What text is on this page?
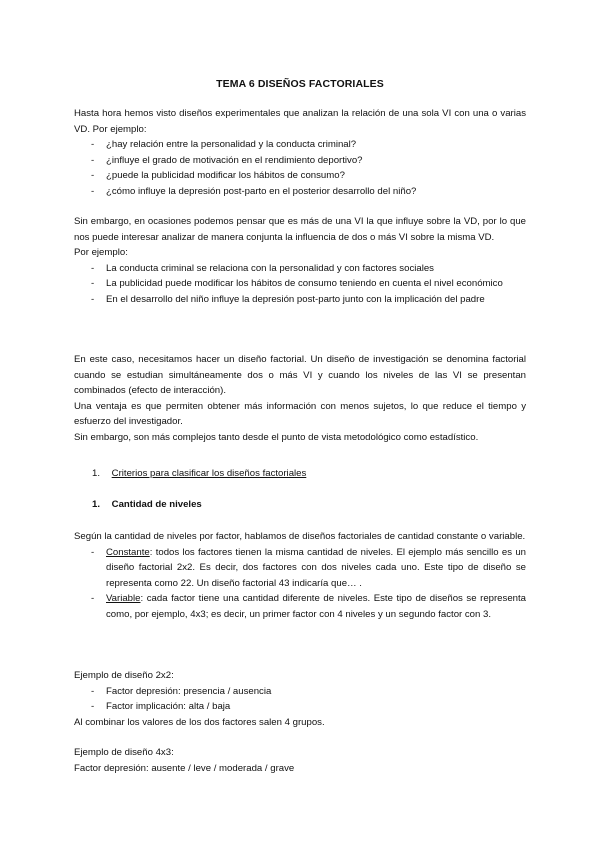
TEMA 6 DISEÑOS FACTORIALES

Hasta hora hemos visto diseños experimentales que analizan la relación de una sola VI con una o varias VD. Por ejemplo:

- ¿hay relación entre la personalidad y la conducta criminal?
- ¿influye el grado de motivación en el rendimiento deportivo?
- ¿puede la publicidad modificar los hábitos de consumo?
- ¿cómo influye la depresión post-parto en el posterior desarrollo del niño?

Sin embargo, en ocasiones podemos pensar que es más de una VI la que influye sobre la VD, por lo que nos puede interesar analizar de manera conjunta la influencia de dos o más VI sobre la misma VD.

Por ejemplo:

- La conducta criminal se relaciona con la personalidad y con factores sociales
- La publicidad puede modificar los hábitos de consumo teniendo en cuenta el nivel económico
- En el desarrollo del niño influye la depresión post-parto junto con la implicación del padre

En este caso, necesitamos hacer un diseño factorial. Un diseño de investigación se denomina factorial cuando se estudian simultáneamente dos o más VI y cuando los niveles de las VI se presentan combinados (efecto de interacción).

Una ventaja es que permiten obtener más información con menos sujetos, lo que reduce el tiempo y esfuerzo del investigador.

Sin embargo, son más complejos tanto desde el punto de vista metodológico como estadístico.

1. Criterios para clasificar los diseños factoriales
1. Cantidad de niveles

Según la cantidad de niveles por factor, hablamos de diseños factoriales de cantidad constante o variable.

- Constante: todos los factores tienen la misma cantidad de niveles. El ejemplo más sencillo es un diseño factorial 2x2. Es decir, dos factores con dos niveles cada uno. Este tipo de diseño se representa como 22. Un diseño factorial 43 indicaría que… .
- Variable: cada factor tiene una cantidad diferente de niveles. Este tipo de diseños se representa como, por ejemplo, 4x3; es decir, un primer factor con 4 niveles y un segundo factor con 3.

Ejemplo de diseño 2x2:

- Factor depresión: presencia / ausencia
- Factor implicación: alta / baja

Al combinar los valores de los dos factores salen 4 grupos.

Ejemplo de diseño 4x3:

Factor depresión: ausente / leve / moderada / grave
